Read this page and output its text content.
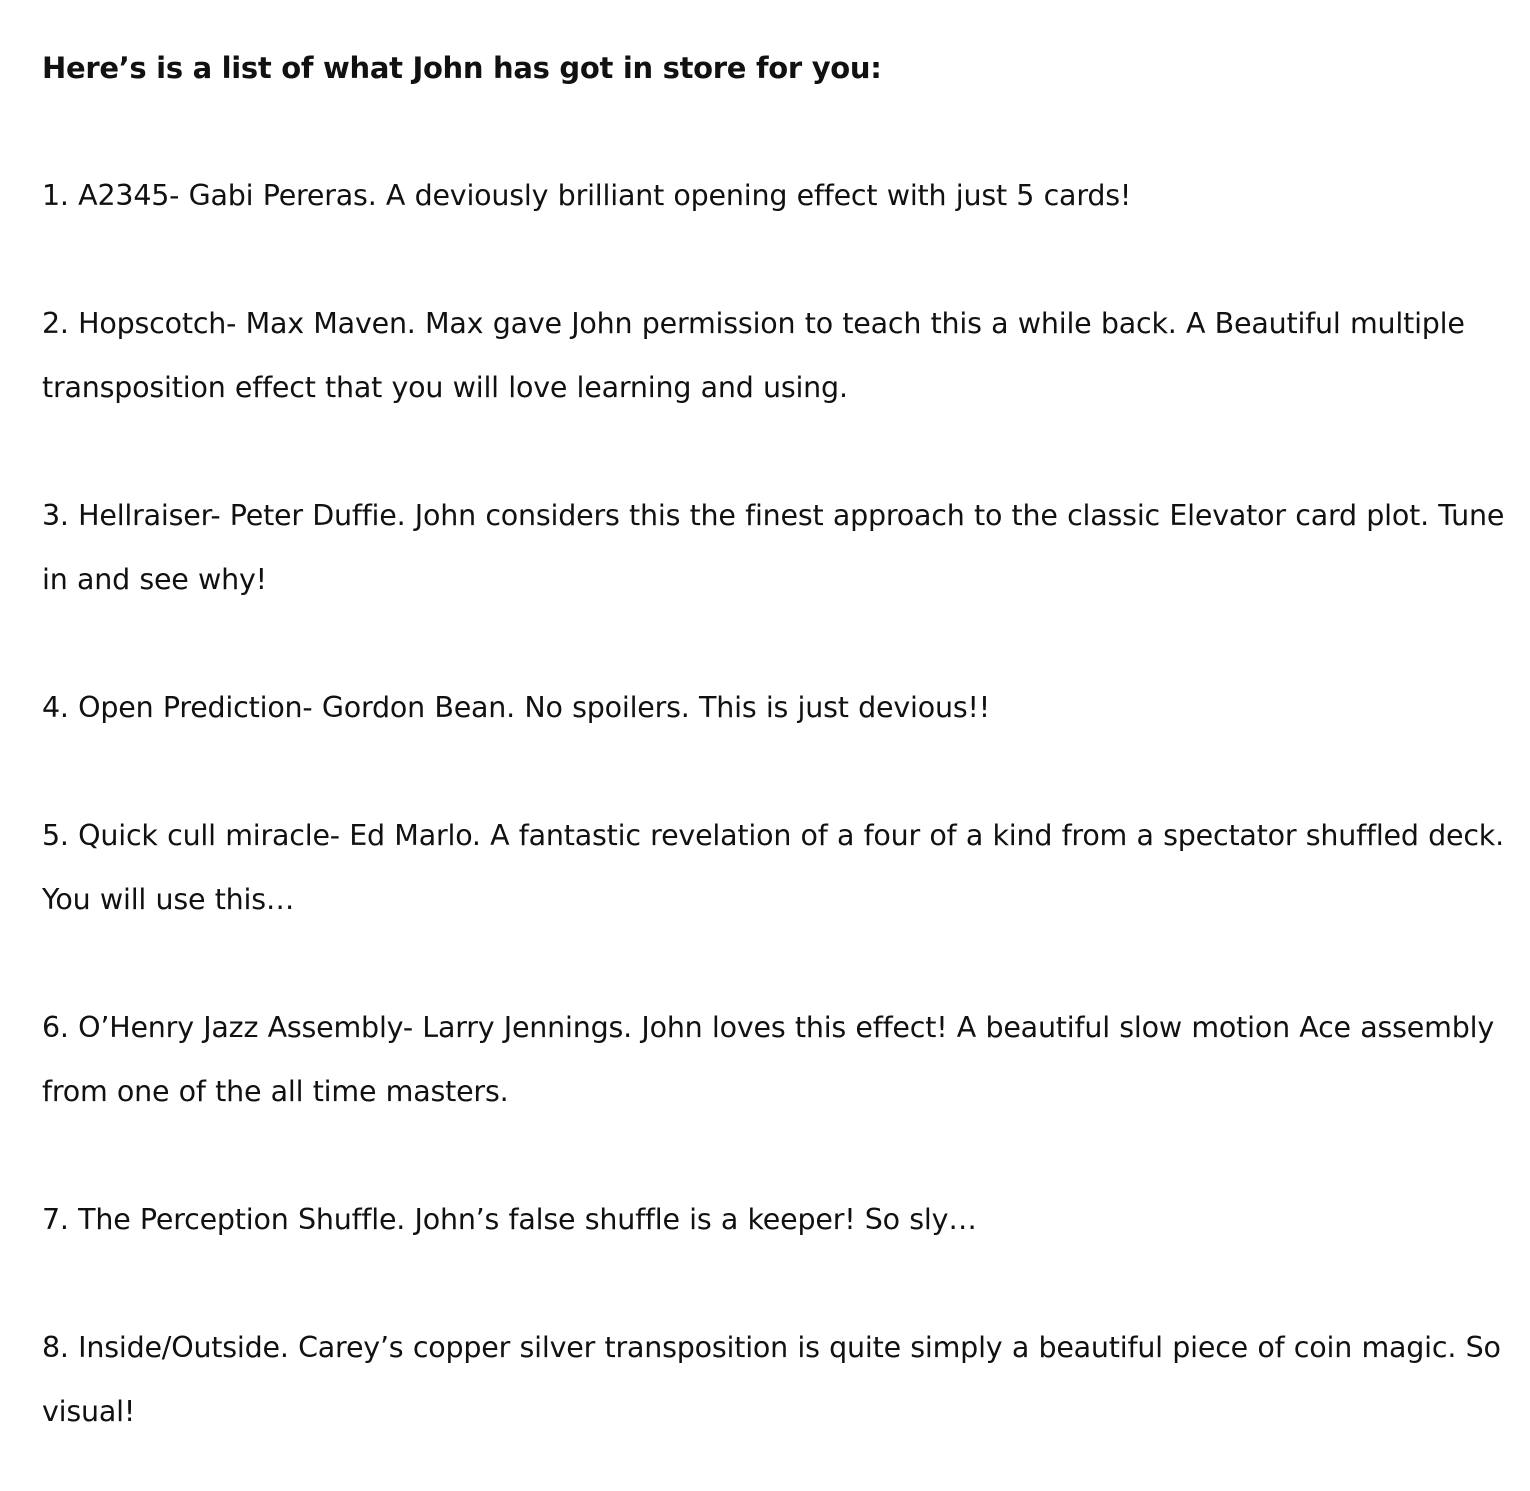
Here’s is a list of what John has got in store for you:

1. A2345- Gabi Pereras. A deviously brilliant opening effect with just 5 cards!

2. Hopscotch- Max Maven. Max gave John permission to teach this a while back. A Beautiful multiple transposition effect that you will love learning and using.

3. Hellraiser- Peter Duffie. John considers this the finest approach to the classic Elevator card plot. Tune in and see why!

4. Open Prediction- Gordon Bean. No spoilers. This is just devious!!

5. Quick cull miracle- Ed Marlo. A fantastic revelation of a four of a kind from a spectator shuffled deck. You will use this…

6. O’Henry Jazz Assembly- Larry Jennings. John loves this effect! A beautiful slow motion Ace assembly from one of the all time masters.

7. The Perception Shuffle. John’s false shuffle is a keeper! So sly…

8. Inside/Outside. Carey’s copper silver transposition is quite simply a beautiful piece of coin magic. So visual!
